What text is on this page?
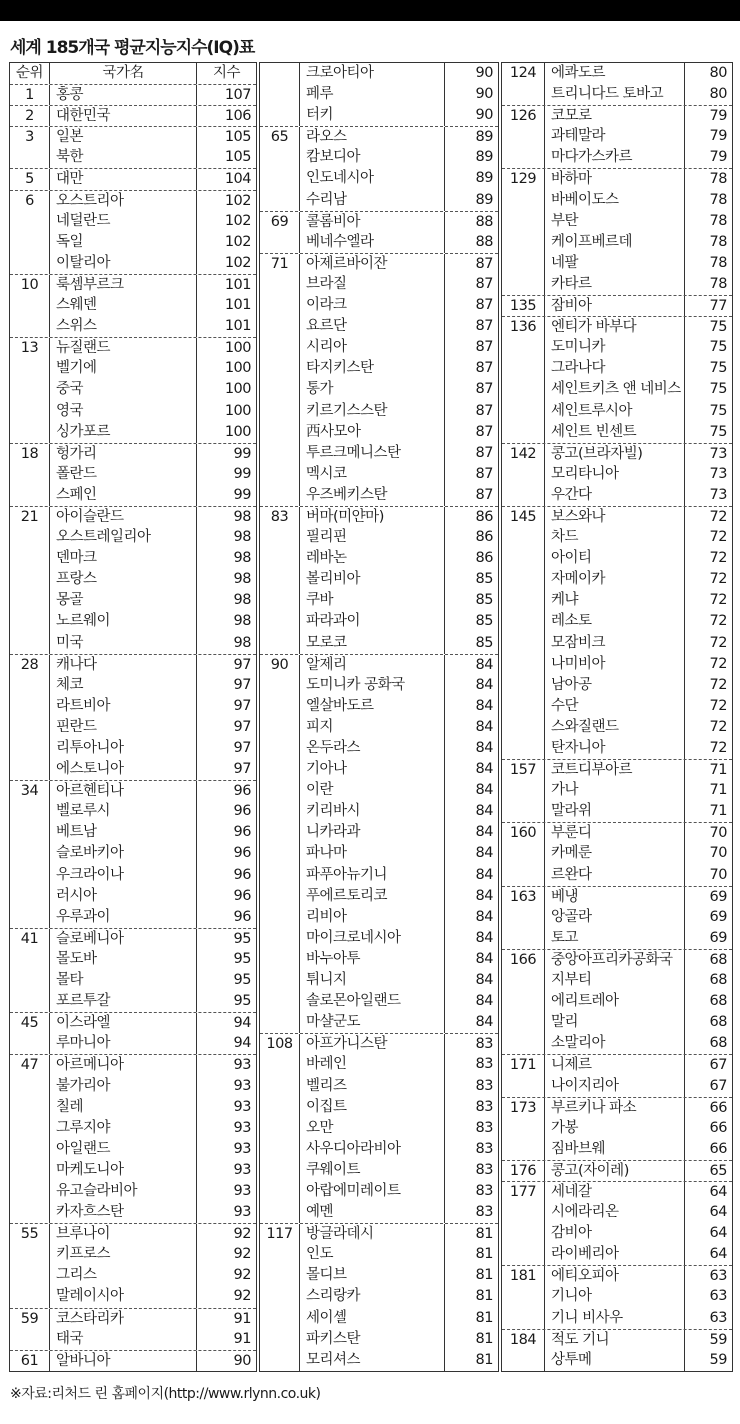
세계 185개국 평균지능지수(IQ)표
순위	국가名	지수
1	홍콩	107
2	대한민국	106
3	일본	105
북한	105
5	대만	104
6	오스트리아	102
네덜란드	102
독일	102
이탈리아	102
10	룩셈부르크	101
스웨덴	101
스위스	101
13	뉴질랜드	100
벨기에	100
중국	100
영국	100
싱가포르	100
18	헝가리	99
폴란드	99
스페인	99
21	아이슬란드	98
오스트레일리아	98
덴마크	98
프랑스	98
몽골	98
노르웨이	98
미국	98
28	캐나다	97
체코	97
라트비아	97
핀란드	97
리투아니아	97
에스토니아	97
34	아르헨티나	96
벨로루시	96
베트남	96
슬로바키아	96
우크라이나	96
러시아	96
우루과이	96
41	슬로베니아	95
몰도바	95
몰타	95
포르투갈	95
45	이스라엘	94
루마니아	94
47	아르메니아	93
불가리아	93
칠레	93
그루지야	93
아일랜드	93
마케도니아	93
유고슬라비아	93
카자흐스탄	93
55	브루나이	92
키프로스	92
그리스	92
말레이시아	92
59	코스타리카	91
태국	91
61	알바니아	90
크로아티아	90
페루	90
터키	90
65	라오스	89
캄보디아	89
인도네시아	89
수리남	89
69	콜롬비아	88
베네수엘라	88
71	아제르바이잔	87
브라질	87
이라크	87
요르단	87
시리아	87
타지키스탄	87
통가	87
키르기스스탄	87
西사모아	87
투르크메니스탄	87
멕시코	87
우즈베키스탄	87
83	버마(미얀마)	86
필리핀	86
레바논	86
볼리비아	85
쿠바	85
파라과이	85
모로코	85
90	알제리	84
도미니카 공화국	84
엘살바도르	84
피지	84
온두라스	84
기아나	84
이란	84
키리바시	84
니카라과	84
파나마	84
파푸아뉴기니	84
푸에르토리코	84
리비아	84
마이크로네시아	84
바누아투	84
튀니지	84
솔로몬아일랜드	84
마샬군도	84
108 아프가니스탄	83
바레인	83
벨리즈	83
이집트	83
오만	83
사우디아라비아	83
쿠웨이트	83
아랍에미레이트	83
예멘	83
117 방글라데시	81
인도	81
몰디브	81
스리랑카	81
세이셸	81
파키스탄	81
모리셔스	81
124	에콰도르	80
트리니다드 토바고	80
126	코모로	79
과테말라	79
마다가스카르	79
129	바하마	78
바베이도스	78
부탄	78
케이프베르데	78
네팔	78
카타르	78
135	잠비아	77
136	엔티가 바부다	75
도미니카	75
그라나다	75
세인트키츠 앤 네비스	75
세인트루시아	75
세인트 빈센트	75
142	콩고(브라자빌)	73
모리타니아	73
우간다	73
145	보스와나	72
차드	72
아이티	72
자메이카	72
케냐	72
레소토	72
모잠비크	72
나미비아	72
남아공	72
수단	72
스와질랜드	72
탄자니아	72
157	코트디부아르	71
가나	71
말라위	71
160	부룬디	70
카메룬	70
르완다	70
163	베냉	69
앙골라	69
토고	69
166	중앙아프리카공화국	68
지부티	68
에리트레아	68
말리	68
소말리아	68
171	니제르	67
나이지리아	67
173	부르키나 파소	66
가봉	66
짐바브웨	66
176	콩고(자이레)	65
177	세네갈	64
시에라리온	64
감비아	64
라이베리아	64
181	에티오피아	63
기니아	63
기니 비사우	63
184	적도 기니	59
상투메	59
※자료:리처드 린 홈페이지(http://www.rlynn.co.uk)
